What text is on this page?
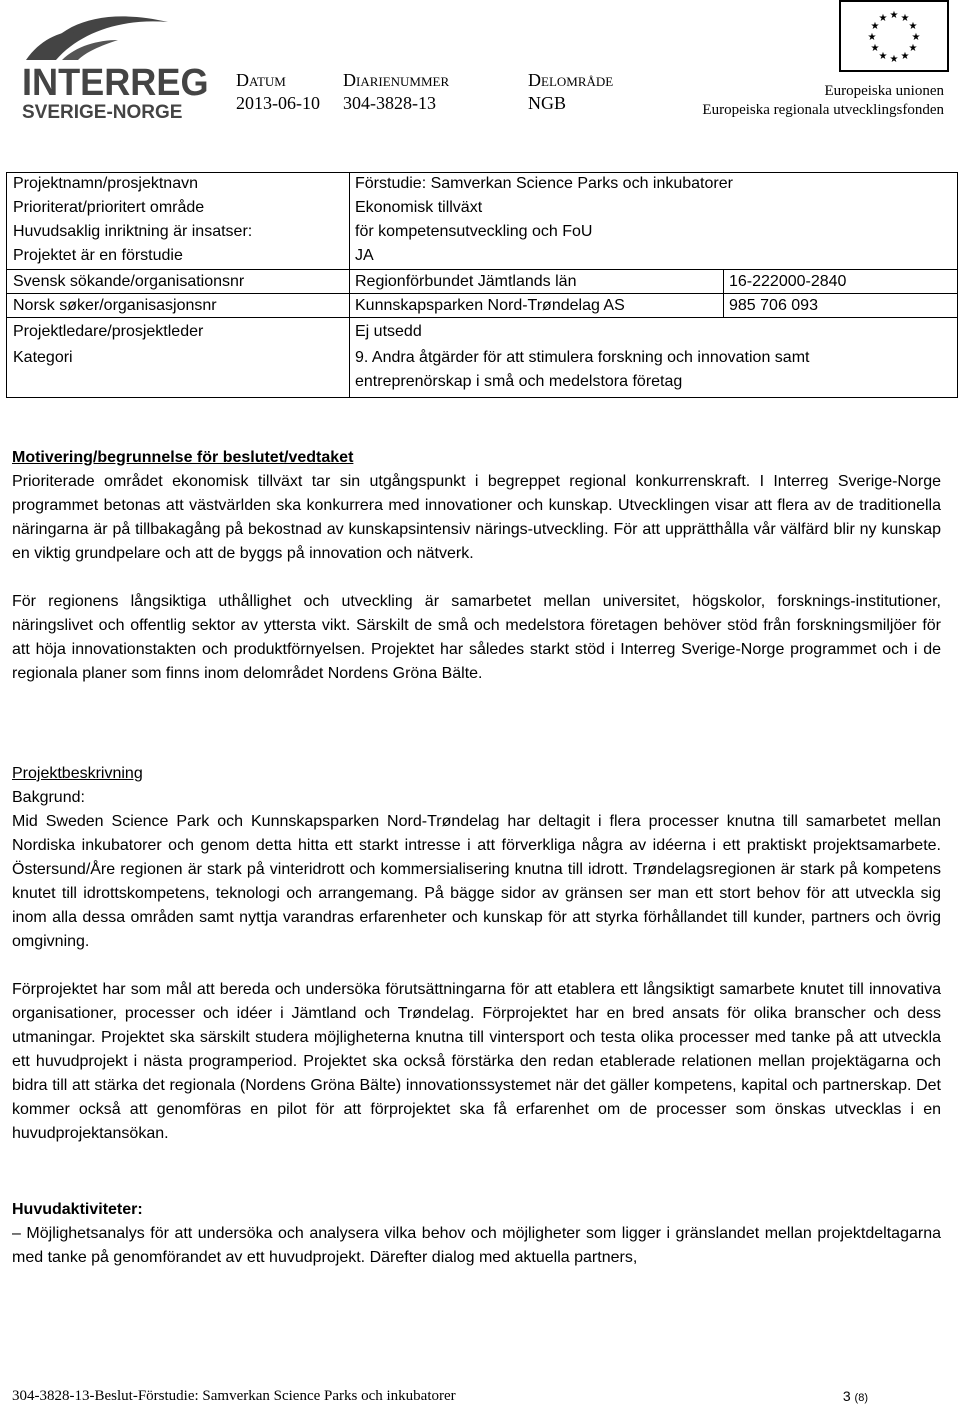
INTERREG
SVERIGE-NORGE
Datum
2013-06-10
Diarienummer
304-3828-13
Delområde
NGB
★ ★
★
★
★
★
★
★
★
★
★
★
Europeiska unionen
Europeiska regionala utvecklingsfonden
Projektnamn/prosjektnavn	Förstudie: Samverkan Science Parks och inkubatorer
Prioriterat/prioritert område	Ekonomisk tillväxt
Huvudsaklig inriktning är insatser:	för kompetensutveckling och FoU
Projektet är en förstudie	JA
Svensk sökande/organisationsnr	Regionförbundet Jämtlands län	16-222000-2840
Norsk søker/organisasjonsnr	Kunnskapsparken Nord-Trøndelag AS	985 706 093
Projektledare/prosjektleder	Ej utsedd
Kategori	9. Andra åtgärder för att stimulera forskning och innovation samt
entreprenörskap i små och medelstora företag
Motivering/begrunnelse för beslutet/vedtaket

Prioriterade området ekonomisk tillväxt tar sin utgångspunkt i begreppet regional konkurrenskraft. I Interreg Sverige-Norge programmet betonas att västvärlden ska konkurrera med innovationer och kunskap. Utvecklingen visar att flera av de traditionella näringarna är på tillbakagång på bekostnad av kunskapsintensiv närings-utveckling. För att upprätthålla vår välfärd blir ny kunskap en viktig grundpelare och att de byggs på innovation och nätverk.

För regionens långsiktiga uthållighet och utveckling är samarbetet mellan universitet, högskolor, forsknings-institutioner, näringslivet och offentlig sektor av yttersta vikt. Särskilt de små och medelstora företagen behöver stöd från forskningsmiljöer för att höja innovationstakten och produktförnyelsen. Projektet har således starkt stöd i Interreg Sverige-Norge programmet och i de regionala planer som finns inom delområdet Nordens Gröna Bälte.

Projektbeskrivning
Bakgrund:

Mid Sweden Science Park och Kunnskapsparken Nord-Trøndelag har deltagit i flera processer knutna till samarbetet mellan Nordiska inkubatorer och genom detta hitta ett starkt intresse i att förverkliga några av idéerna i ett praktiskt projektsamarbete. Östersund/Åre regionen är stark på vinteridrott och kommersialisering knutna till idrott. Trøndelagsregionen är stark på kompetens knutet till idrottskompetens, teknologi och arrangemang. På bägge sidor av gränsen ser man ett stort behov för att utveckla sig inom alla dessa områden samt nyttja varandras erfarenheter och kunskap för att styrka förhållandet till kunder, partners och övrig omgivning.

Förprojektet har som mål att bereda och undersöka förutsättningarna för att etablera ett långsiktigt samarbete knutet till innovativa organisationer, processer och idéer i Jämtland och Trøndelag. Förprojektet har en bred ansats för olika branscher och dess utmaningar. Projektet ska särskilt studera möjligheterna knutna till vintersport och testa olika processer med tanke på att utveckla ett huvudprojekt i nästa programperiod. Projektet ska också förstärka den redan etablerade relationen mellan projektägarna och bidra till att stärka det regionala (Nordens Gröna Bälte) innovationssystemet när det gäller kompetens, kapital och partnerskap. Det kommer också att genomföras en pilot för att förprojektet ska få erfarenhet om de processer som önskas utvecklas i en huvudprojektansökan.

Huvudaktiviteter:

– Möjlighetsanalys för att undersöka och analysera vilka behov och möjligheter som ligger i gränslandet mellan projektdeltagarna med tanke på genomförandet av ett huvudprojekt. Därefter dialog med aktuella partners,

304-3828-13-Beslut-Förstudie: Samverkan Science Parks och inkubatorer	3 (8)
